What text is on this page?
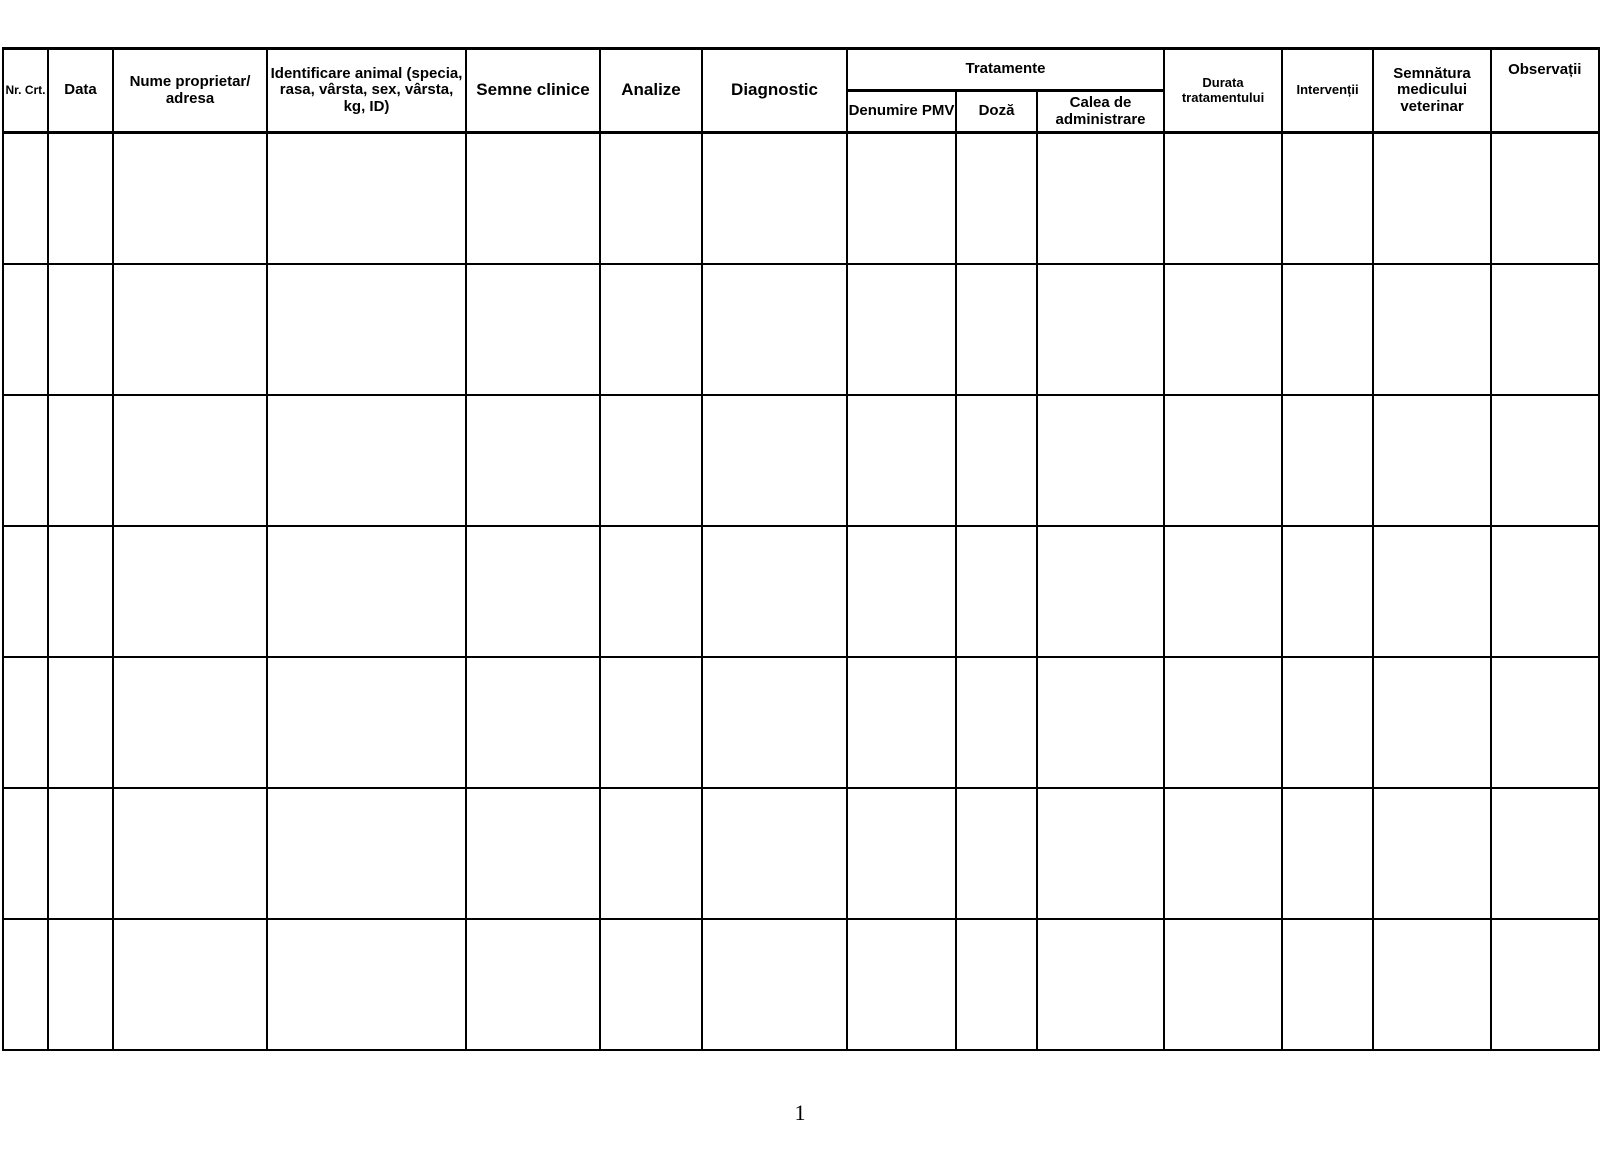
Nr. Crt.	Data	Nume proprietar/ adresa	Identificare animal (specia, rasa, vârsta, sex, vârsta, kg, ID)	Semne clinice	Analize	Diagnostic	Tratamente			Durata tratamentului	Intervenții	Semnătura medicului veterinar	Observații
							Denumire PMV	Doză	Calea de administrare				

1
